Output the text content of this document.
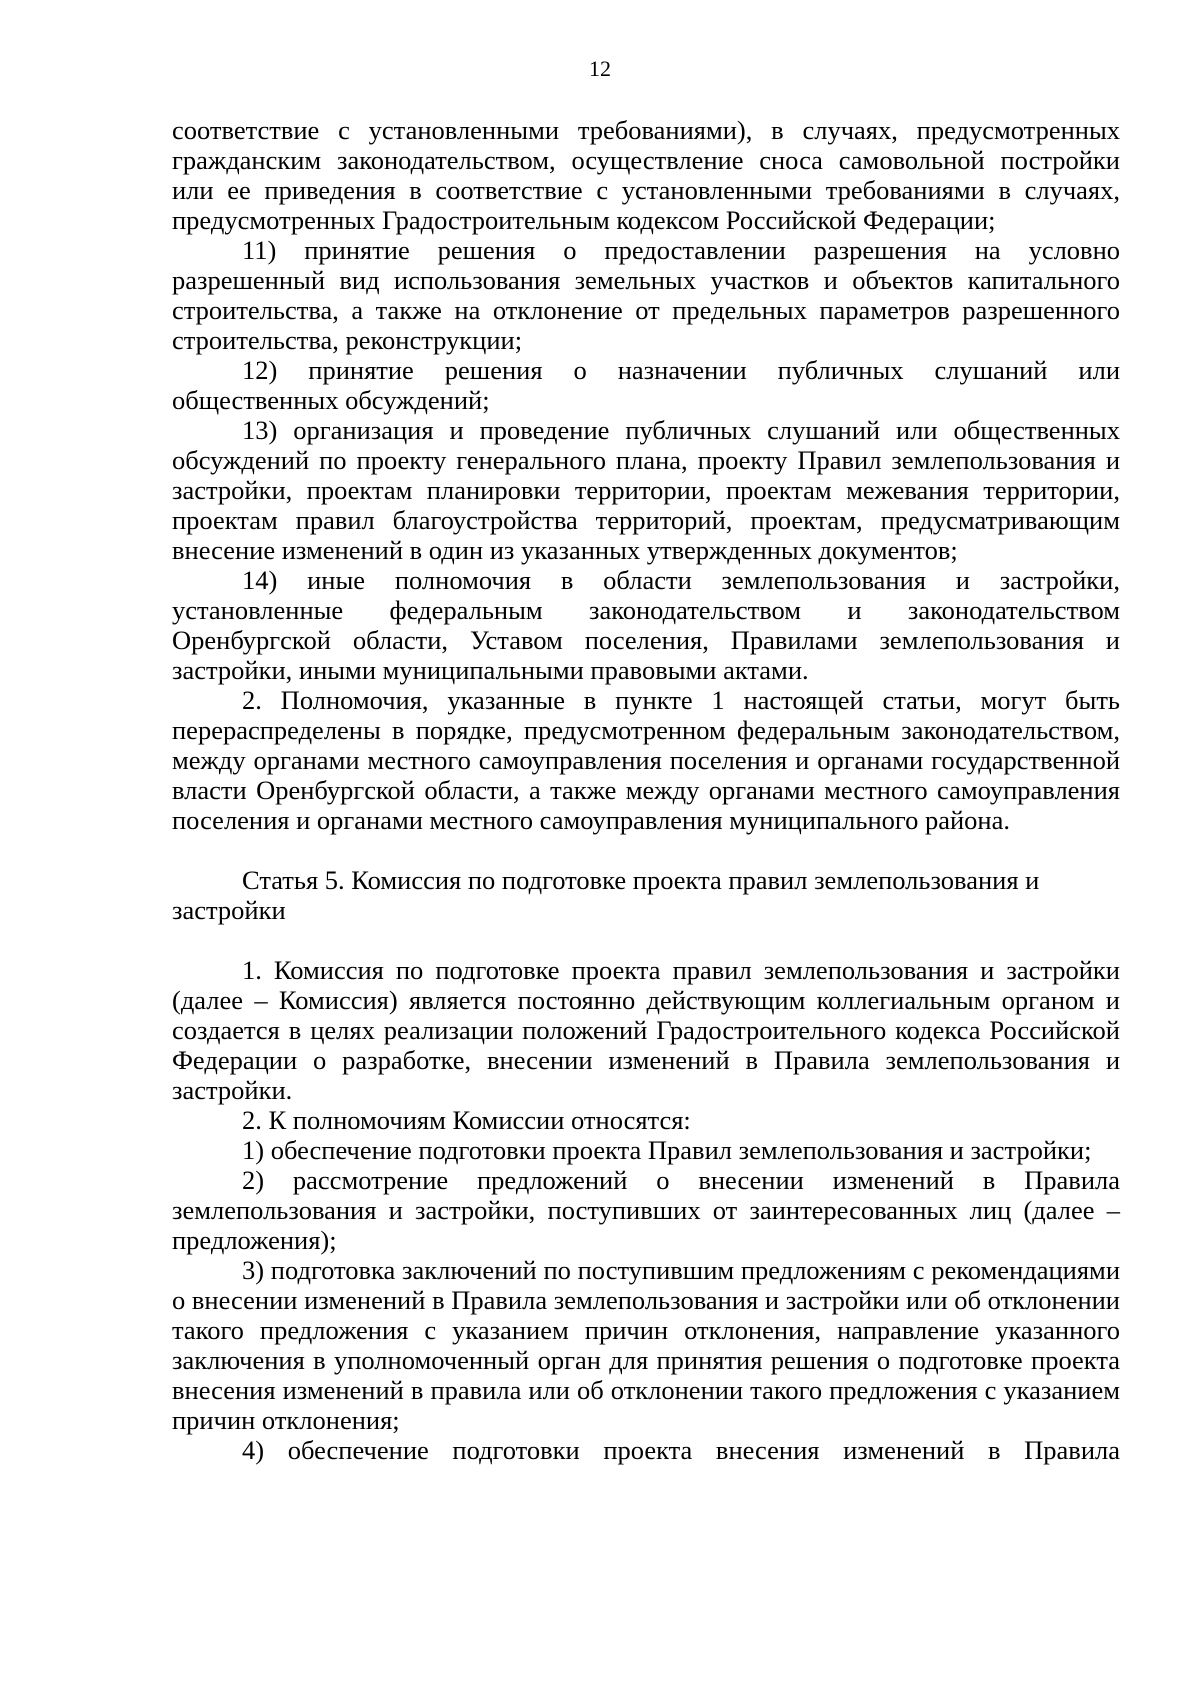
12

соответствие с установленными требованиями), в случаях, предусмотренных гражданским законодательством, осуществление сноса самовольной постройки или ее приведения в соответствие с установленными требованиями в случаях, предусмотренных Градостроительным кодексом Российской Федерации;

11) принятие решения о предоставлении разрешения на условно разрешенный вид использования земельных участков и объектов капитального строительства, а также на отклонение от предельных параметров разрешенного строительства, реконструкции;

12) принятие решения о назначении публичных слушаний или общественных обсуждений;

13) организация и проведение публичных слушаний или общественных обсуждений по проекту генерального плана, проекту Правил землепользования и застройки, проектам планировки территории, проектам межевания территории, проектам правил благоустройства территорий, проектам, предусматривающим внесение изменений в один из указанных утвержденных документов;

14) иные полномочия в области землепользования и застройки, установленные федеральным законодательством и законодательством Оренбургской области, Уставом поселения, Правилами землепользования и застройки, иными муниципальными правовыми актами.

2. Полномочия, указанные в пункте 1 настоящей статьи, могут быть перераспределены в порядке, предусмотренном федеральным законодательством, между органами местного самоуправления поселения и органами государственной власти Оренбургской области, а также между органами местного самоуправления поселения и органами местного самоуправления муниципального района.

Статья 5. Комиссия по подготовке проекта правил землепользования и застройки

1. Комиссия по подготовке проекта правил землепользования и застройки (далее – Комиссия) является постоянно действующим коллегиальным органом и создается в целях реализации положений Градостроительного кодекса Российской Федерации о разработке, внесении изменений в Правила землепользования и застройки.

2. К полномочиям Комиссии относятся:

1) обеспечение подготовки проекта Правил землепользования и застройки;

2) рассмотрение предложений о внесении изменений в Правила землепользования и застройки, поступивших от заинтересованных лиц (далее – предложения);

3) подготовка заключений по поступившим предложениям с рекомендациями о внесении изменений в Правила землепользования и застройки или об отклонении такого предложения с указанием причин отклонения, направление указанного заключения в уполномоченный орган для принятия решения о подготовке проекта внесения изменений в правила или об отклонении такого предложения с указанием причин отклонения;

4) обеспечение подготовки проекта внесения изменений в Правила
